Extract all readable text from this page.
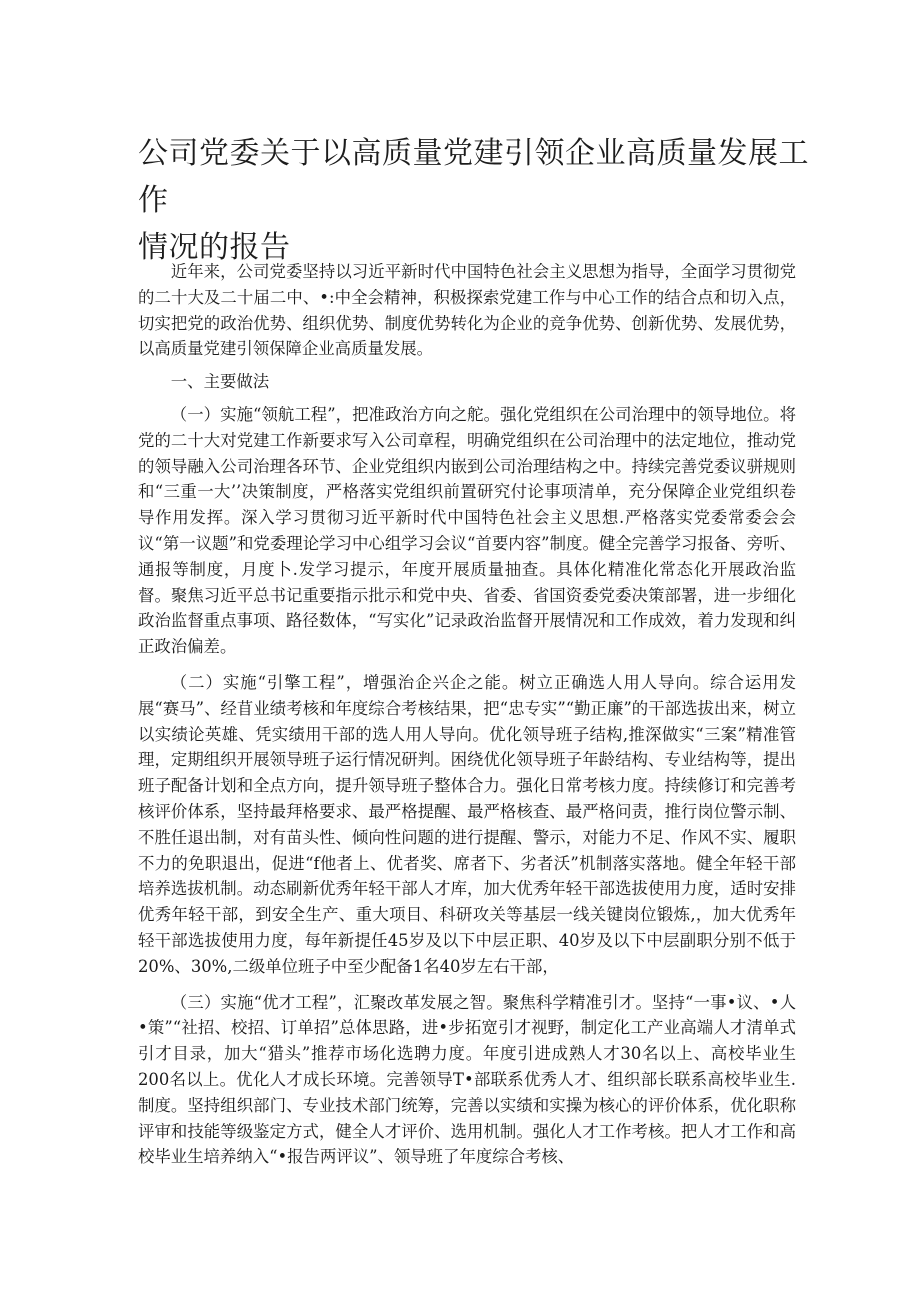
公司党委关于以高质量党建引领企业高质量发展工作
情况的报告

近年来，公司党委坚持以习近平新时代中国特色社会主义思想为指导，全面学习贯彻党的二十大及二十届二中、•:中全会精神，积极探索党建工作与中心工作的结合点和切入点，切实把党的政治优势、组织优势、制度优势转化为企业的竞争优势、创新优势、发展优势，以高质量党建引领保障企业高质量发展。

一、主要做法

（一）实施“领航工程”，把准政治方向之舵。强化党组织在公司治理中的领导地位。将党的二十大对党建工作新要求写入公司章程，明确党组织在公司治理中的法定地位，推动党的领导融入公司治理各环节、企业党组织内嵌到公司治理结构之中。持续完善党委议骈规则和“三重一大’’决策制度，严格落实党组织前置研究付论事项清单，充分保障企业党组织卷导作用发挥。深入学习贯彻习近平新时代中国特色社会主义思想.严格落实党委常委会会议“第一议题”和党委理论学习中心组学习会议“首要内容”制度。健全完善学习报备、旁听、通报等制度，月度卜.发学习提示，年度开展质量抽查。具体化精准化常态化开展政治监督。聚焦习近平总书记重要指示批示和党中央、省委、省国资委党委决策部署，进一步细化政治监督重点事项、路径数体，“写实化”记录政治监督开展情况和工作成效，着力发现和纠正政治偏差。

（二）实施“引擎工程”，增强治企兴企之能。树立正确选人用人导向。综合运用发展“赛马”、经苜业绩考核和年度综合考核结果，把“忠专实”“勤正廉”的干部选拔出来，树立以实绩论英雄、凭实绩用干部的选人用人导向。优化领导班子结构,推深做实“三案”精准管理，定期组织开展领导班子运行情况研判。困绕优化领导班子年龄结构、专业结构等，提出班子配备计划和全点方向，提升领导班子整体合力。强化日常考核力度。持续修订和完善考核评价体系，坚持最拜格要求、最严格提醒、最严格核查、最严格问责，推行岗位警示制、不胜任退出制，对有苗头性、倾向性问题的进行提醒、警示，对能力不足、作风不实、履职不力的免职退出，促进“f他者上、优者奖、席者下、劣者沃”机制落实落地。健全年轻干部培养选拔机制。动态刷新优秀年轻干部人才库，加大优秀年轻干部选拔使用力度，适时安排优秀年轻干部，到安全生产、重大项目、科研攻关等基层一线关键岗位锻炼,，加大优秀年轻干部选拔使用力度，每年新提任45岁及以下中层正职、40岁及以下中层副职分别不低于20%、30%,二级单位班子中至少配备1名40岁左右干部，

（三）实施“优才工程”，汇聚改革发展之智。聚焦科学精准引才。坚持“一事•议、•人•策”“社招、校招、订单招”总体思路，进•步拓宽引才视野，制定化工产业高端人才清单式引才目录，加大“猎头”推荐市场化选聘力度。年度引进成熟人才30名以上、高校毕业生200名以上。优化人才成长环境。完善领导T•部联系优秀人才、组织部长联系高校毕业生.制度。坚持组织部门、专业技术部门统筹，完善以实绩和实操为核心的评价体系，优化职称评审和技能等级鉴定方式，健全人才评价、选用机制。强化人才工作考核。把人才工作和高校毕业生培养纳入“•报告两评议”、领导班了年度综合考核、
